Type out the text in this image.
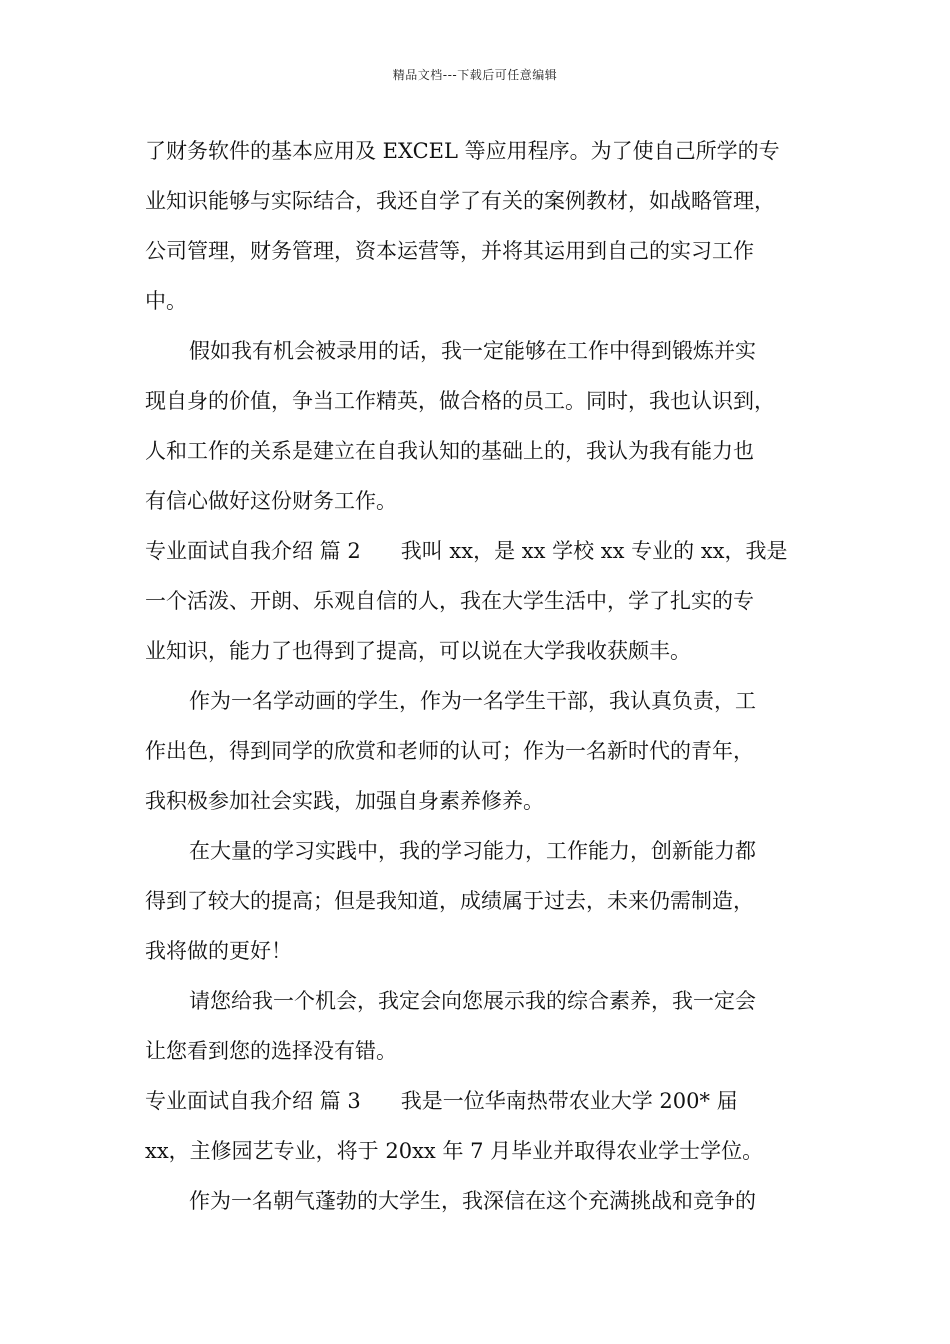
精品文档---下载后可任意编辑
了财务软件的基本应用及 EXCEL 等应用程序。为了使自己所学的专
业知识能够与实际结合，我还自学了有关的案例教材，如战略管理，
公司管理，财务管理，资本运营等，并将其运用到自己的实习工作
中。
假如我有机会被录用的话，我一定能够在工作中得到锻炼并实
现自身的价值，争当工作精英，做合格的员工。同时，我也认识到，
人和工作的关系是建立在自我认知的基础上的，我认为我有能力也
有信心做好这份财务工作。
专业面试自我介绍 篇 2 我叫 xx，是 xx 学校 xx 专业的 xx，我是
一个活泼、开朗、乐观自信的人，我在大学生活中，学了扎实的专
业知识，能力了也得到了提高，可以说在大学我收获颇丰。
作为一名学动画的学生，作为一名学生干部，我认真负责，工
作出色，得到同学的欣赏和老师的认可；作为一名新时代的青年，
我积极参加社会实践，加强自身素养修养。
在大量的学习实践中，我的学习能力，工作能力，创新能力都
得到了较大的提高；但是我知道，成绩属于过去，未来仍需制造，
我将做的更好！
请您给我一个机会，我定会向您展示我的综合素养，我一定会
让您看到您的选择没有错。
专业面试自我介绍 篇 3 我是一位华南热带农业大学 200* 届
xx，主修园艺专业，将于 20xx 年 7 月毕业并取得农业学士学位。
作为一名朝气蓬勃的大学生，我深信在这个充满挑战和竞争的
